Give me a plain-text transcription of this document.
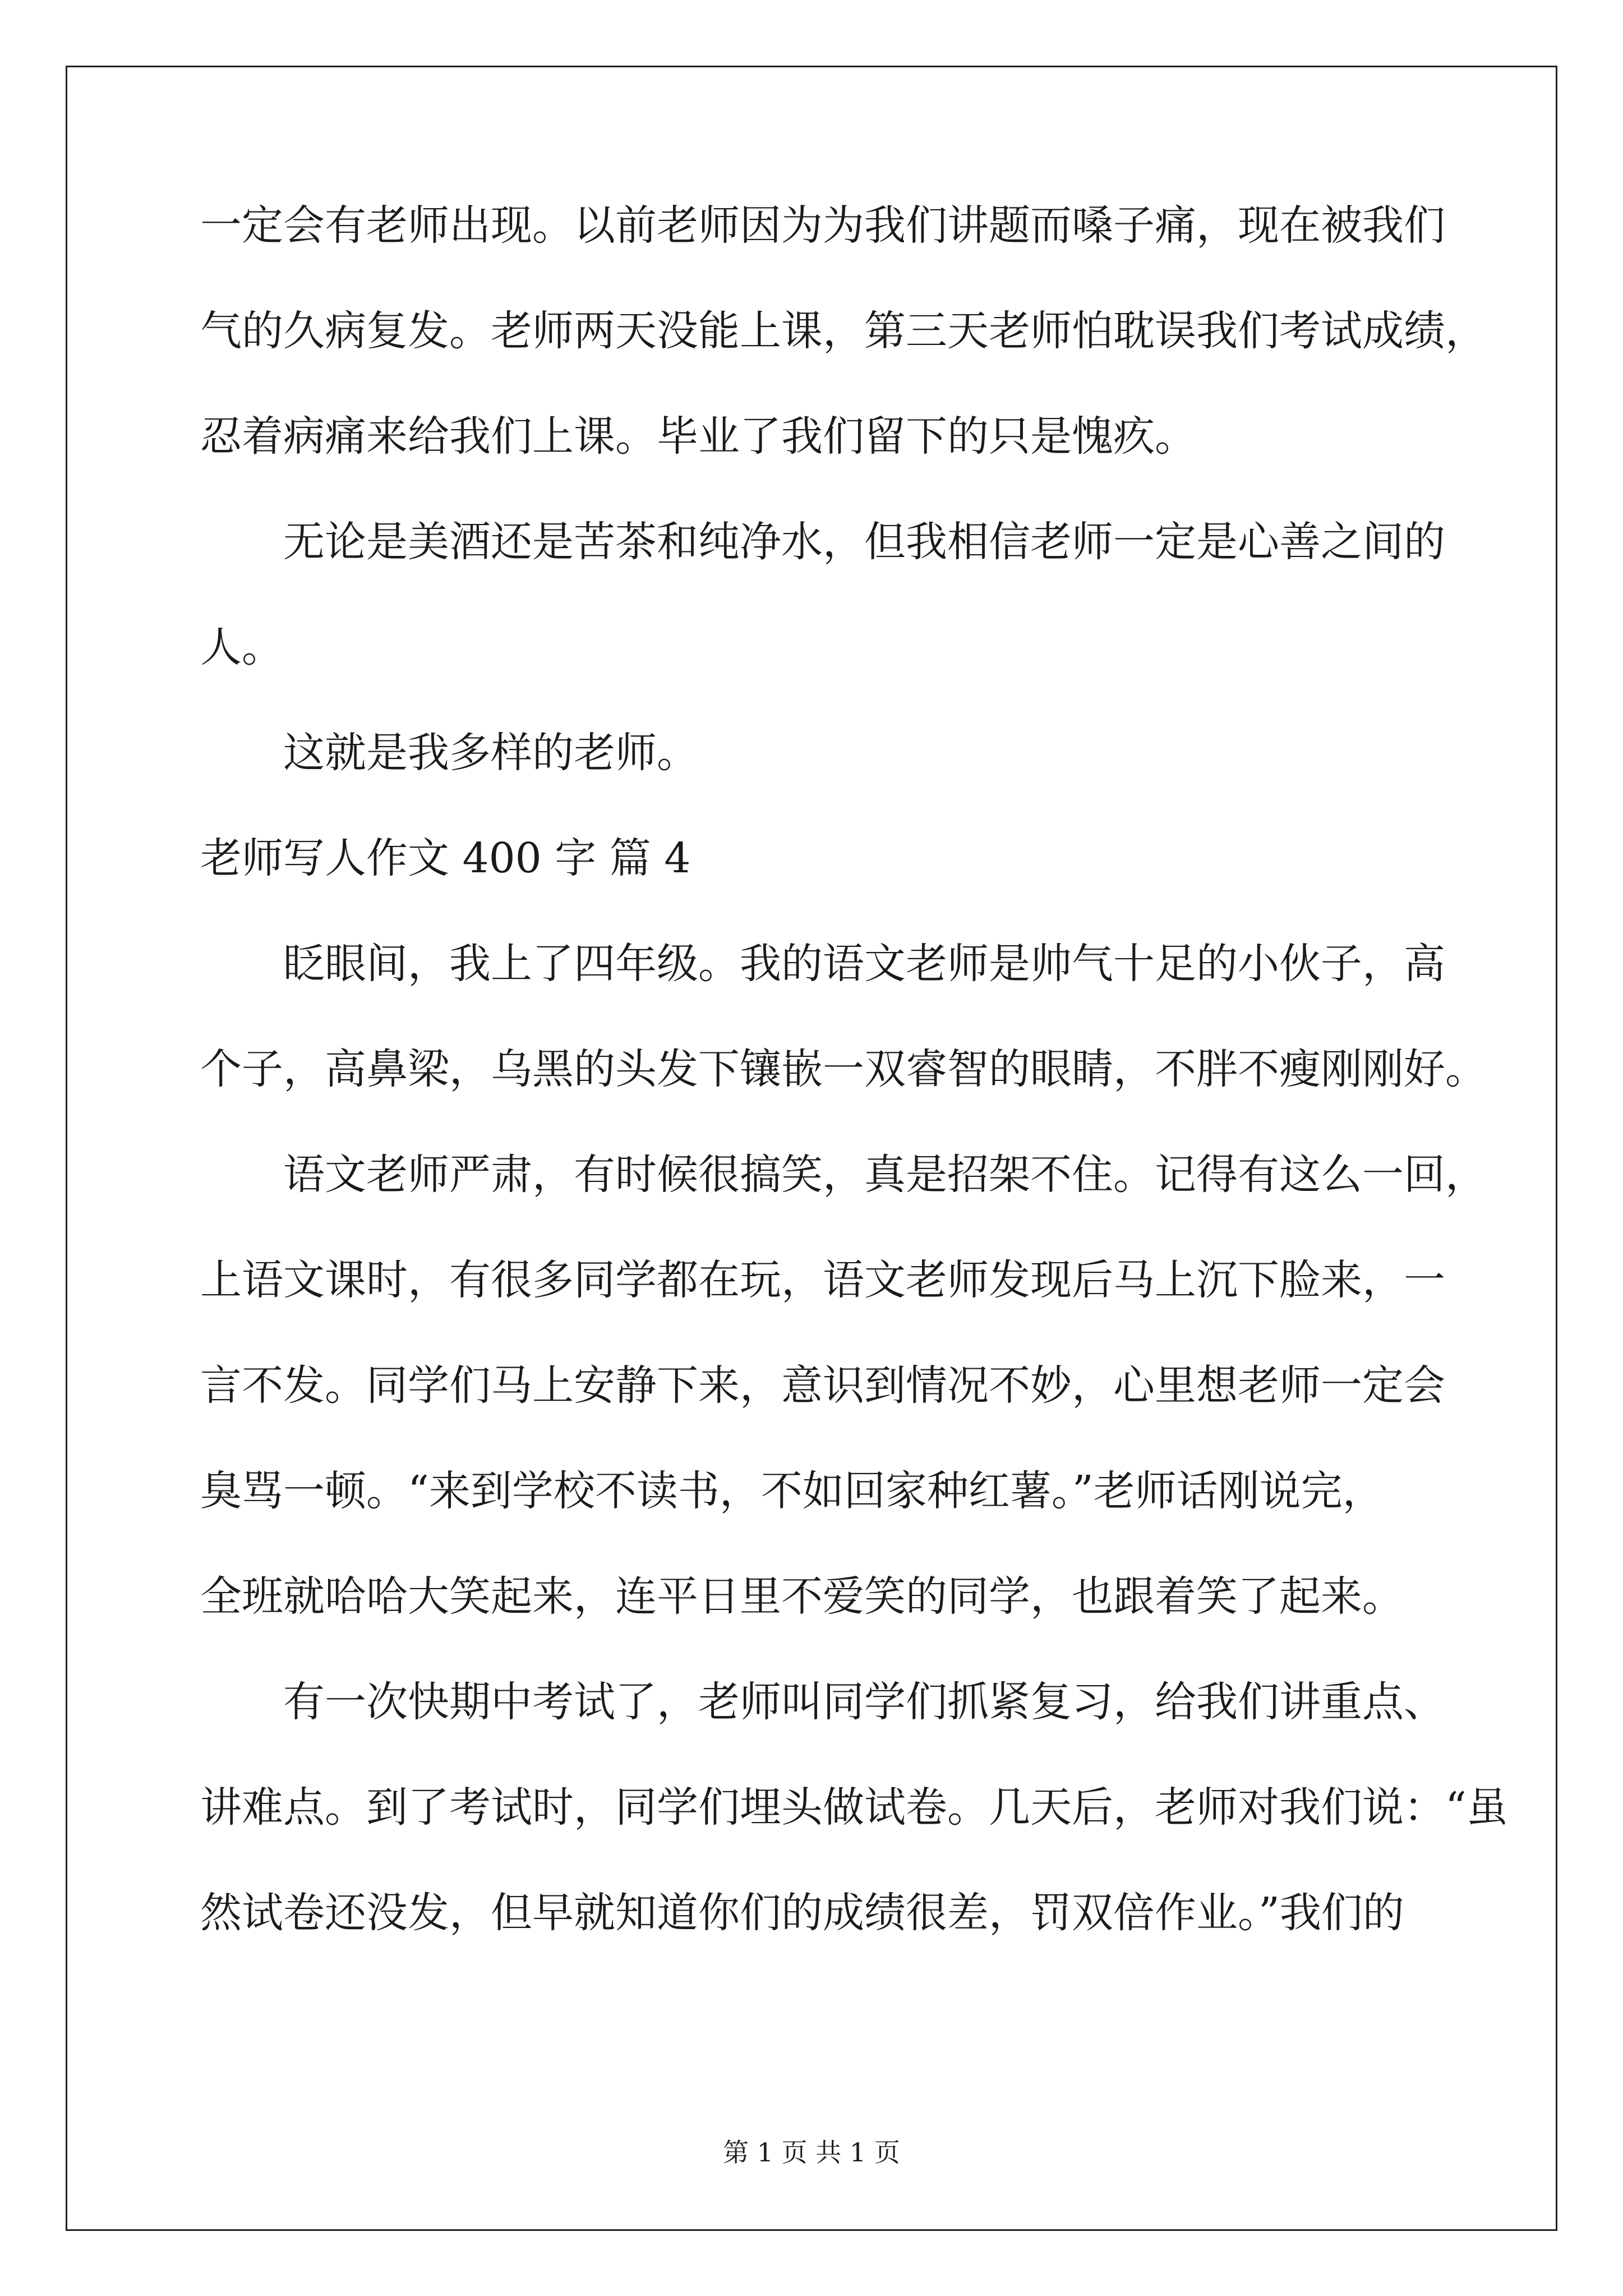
一定会有老师出现。以前老师因为为我们讲题而嗓子痛，现在被我们

气的久病复发。老师两天没能上课，第三天老师怕耽误我们考试成绩，

忍着病痛来给我们上课。毕业了我们留下的只是愧疚。

无论是美酒还是苦茶和纯净水，但我相信老师一定是心善之间的

人。

这就是我多样的老师。

老师写人作文 400 字 篇 4

眨眼间，我上了四年级。我的语文老师是帅气十足的小伙子，高

个子，高鼻梁，乌黑的头发下镶嵌一双睿智的眼睛，不胖不瘦刚刚好。

语文老师严肃，有时候很搞笑，真是招架不住。记得有这么一回，

上语文课时，有很多同学都在玩，语文老师发现后马上沉下脸来，一

言不发。同学们马上安静下来，意识到情况不妙，心里想老师一定会

臭骂一顿。“来到学校不读书，不如回家种红薯。”老师话刚说完，

全班就哈哈大笑起来，连平日里不爱笑的同学，也跟着笑了起来。

有一次快期中考试了，老师叫同学们抓紧复习，给我们讲重点、

讲难点。到了考试时，同学们埋头做试卷。几天后，老师对我们说：“虽

然试卷还没发，但早就知道你们的成绩很差，罚双倍作业。”我们的

第 1 页 共 1 页
